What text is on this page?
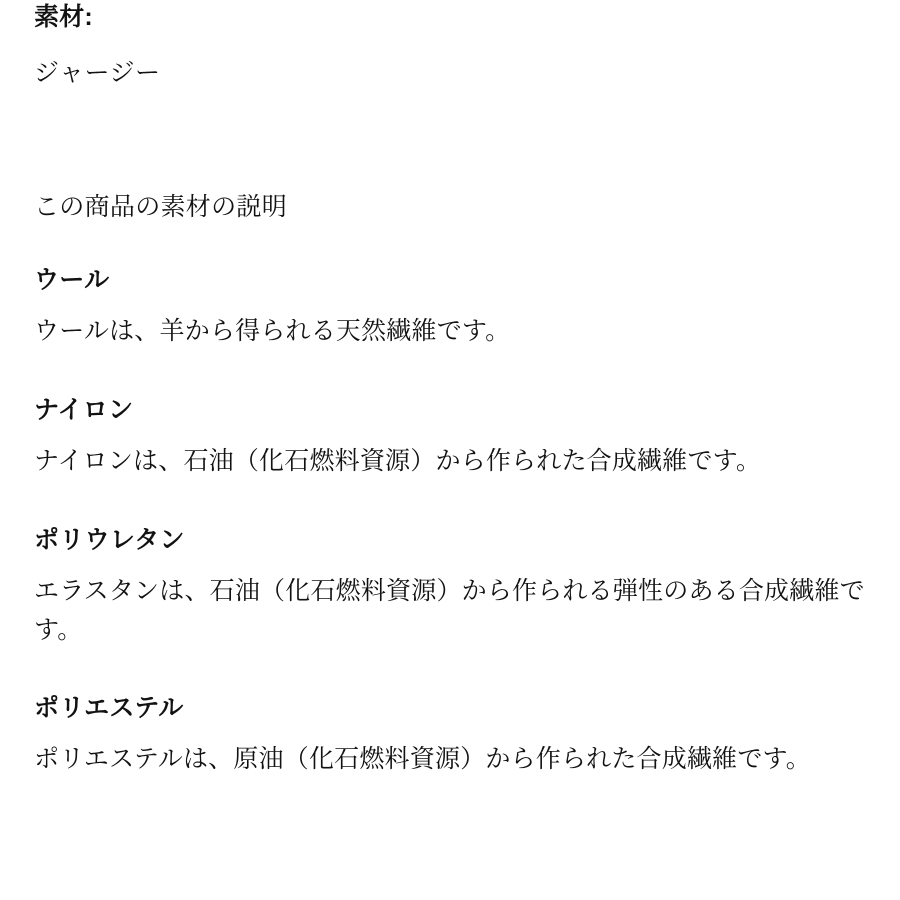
素材:

ジャージー

この商品の素材の説明

ウール

ウールは、羊から得られる天然繊維です。

ナイロン

ナイロンは、石油（化石燃料資源）から作られた合成繊維です。

ポリウレタン

エラスタンは、石油（化石燃料資源）から作られる弾性のある合成繊維です。

ポリエステル

ポリエステルは、原油（化石燃料資源）から作られた合成繊維です。
